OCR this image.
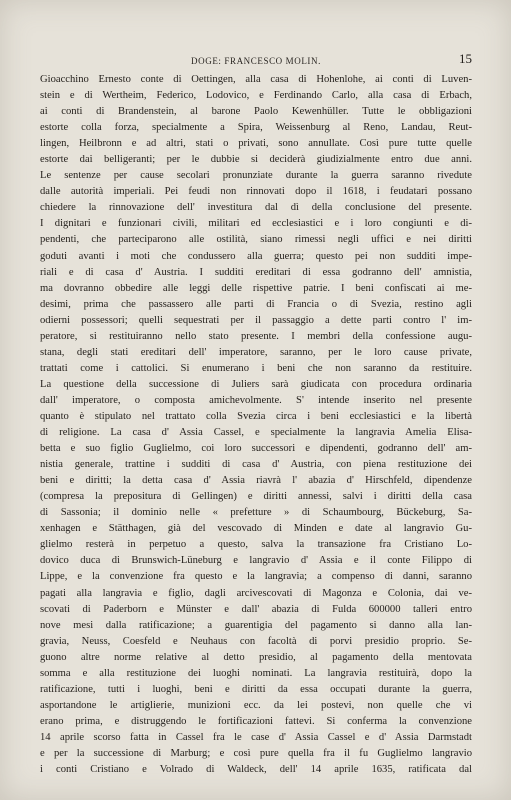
DOGE: FRANCESCO MOLIN.	15
Gioacchino Ernesto conte di Oettingen, alla casa di Hohenlohe, ai conti di Luven-
stein e di Wertheim, Federico, Lodovico, e Ferdinando Carlo, alla casa di Erbach,
ai conti di Brandenstein, al barone Paolo Kewenhüller. Tutte le obbligazioni
estorte colla forza, specialmente a Spira, Weissenburg al Reno, Landau, Reut-
lingen, Heilbronn e ad altri, stati o privati, sono annullate. Così pure tutte quelle
estorte dai belligeranti; per le dubbie si deciderà giudizialmente entro due anni.
Le sentenze per cause secolari pronunziate durante la guerra saranno rivedute
dalle autorità imperiali. Pei feudi non rinnovati dopo il 1618, i feudatari possano
chiedere la rinnovazione dell' investitura dal dì della conclusione del presente.
I dignitari e funzionari civili, militari ed ecclesiastici e i loro congiunti e di-
pendenti, che parteciparono alle ostilità, siano rimessi negli uffici e nei diritti
goduti avanti i moti che condussero alla guerra; questo pei non sudditi impe-
riali e di casa d' Austria. I sudditi ereditari di essa godranno dell' amnistia,
ma dovranno obbedire alle leggi delle rispettive patrie. I beni confiscati ai me-
desimi, prima che passassero alle parti di Francia o di Svezia, restino agli
odierni possessori; quelli sequestrati per il passaggio a dette parti contro l' im-
peratore, si restituiranno nello stato presente. I membri della confessione augu-
stana, degli stati ereditari dell' imperatore, saranno, per le loro cause private,
trattati come i cattolici. Si enumerano i beni che non saranno da restituire.
La questione della successione di Juliers sarà giudicata con procedura ordinaria
dall' imperatore, o composta amichevolmente. S' intende inserito nel presente
quanto è stipulato nel trattato colla Svezia circa i beni ecclesiastici e la libertà
di religione. La casa d' Assia Cassel, e specialmente la langravia Amelia Elisa-
betta e suo figlio Guglielmo, coi loro successori e dipendenti, godranno dell' am-
nistia generale, trattine i sudditi di casa d' Austria, con piena restituzione dei
beni e diritti; la detta casa d' Assia riavrà l' abazia d' Hirschfeld, dipendenze
(compresa la prepositura di Gellingen) e diritti annessi, salvi i diritti della casa
di Sassonia; il dominio nelle « prefetture » di Schaumbourg, Bückeburg, Sa-
xenhagen e Stätthagen, già del vescovado di Minden e date al langravio Gu-
glielmo resterà in perpetuo a questo, salva la transazione fra Cristiano Lo-
dovico duca di Brunswich-Lüneburg e langravio d' Assia e il conte Filippo di
Lippe, e la convenzione fra questo e la langravia; a compenso di danni, saranno
pagati alla langravia e figlio, dagli arcivescovati di Magonza e Colonia, dai ve-
scovati di Paderborn e Münster e dall' abazia di Fulda 600000 talleri entro
nove mesi dalla ratificazione; a guarentigia del pagamento si danno alla lan-
gravia, Neuss, Coesfeld e Neuhaus con facoltà di porvi presidio proprio. Se-
guono altre norme relative al detto presidio, al pagamento della mentovata
somma e alla restituzione dei luoghi nominati. La langravia restituirà, dopo la
ratificazione, tutti i luoghi, beni e diritti da essa occupati durante la guerra,
asportandone le artiglierie, munizioni ecc. da lei postevi, non quelle che vi
erano prima, e distruggendo le fortificazioni fattevi. Si conferma la convenzione
14 aprile scorso fatta in Cassel fra le case d' Assia Cassel e d' Assia Darmstadt
e per la successione di Marburg; e così pure quella fra il fu Guglielmo langravio
i conti Cristiano e Volrado di Waldeck, dell' 14 aprile 1635, ratificata dal
